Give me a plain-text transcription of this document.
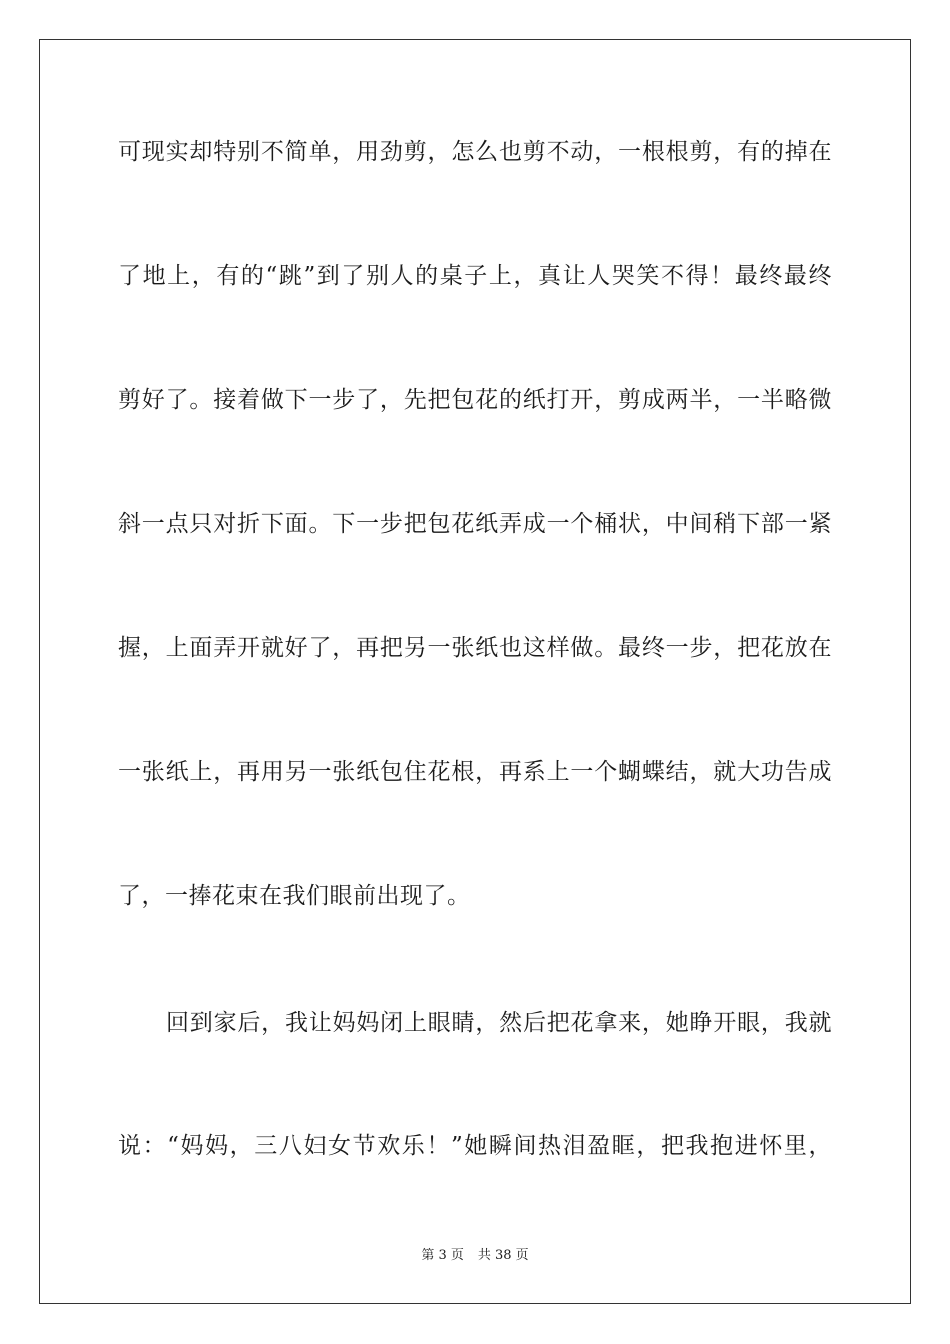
可现实却特别不简单，用劲剪，怎么也剪不动，一根根剪，有的掉在
了地上，有的“跳”到了别人的桌子上，真让人哭笑不得！最终最终
剪好了。接着做下一步了，先把包花的纸打开，剪成两半，一半略微
斜一点只对折下面。下一步把包花纸弄成一个桶状，中间稍下部一紧
握，上面弄开就好了，再把另一张纸也这样做。最终一步，把花放在
一张纸上，再用另一张纸包住花根，再系上一个蝴蝶结，就大功告成
了，一捧花束在我们眼前出现了。
回到家后，我让妈妈闭上眼睛，然后把花拿来，她睁开眼，我就
说：“妈妈，三八妇女节欢乐！”她瞬间热泪盈眶，把我抱进怀里，
第 3 页 共 38 页
